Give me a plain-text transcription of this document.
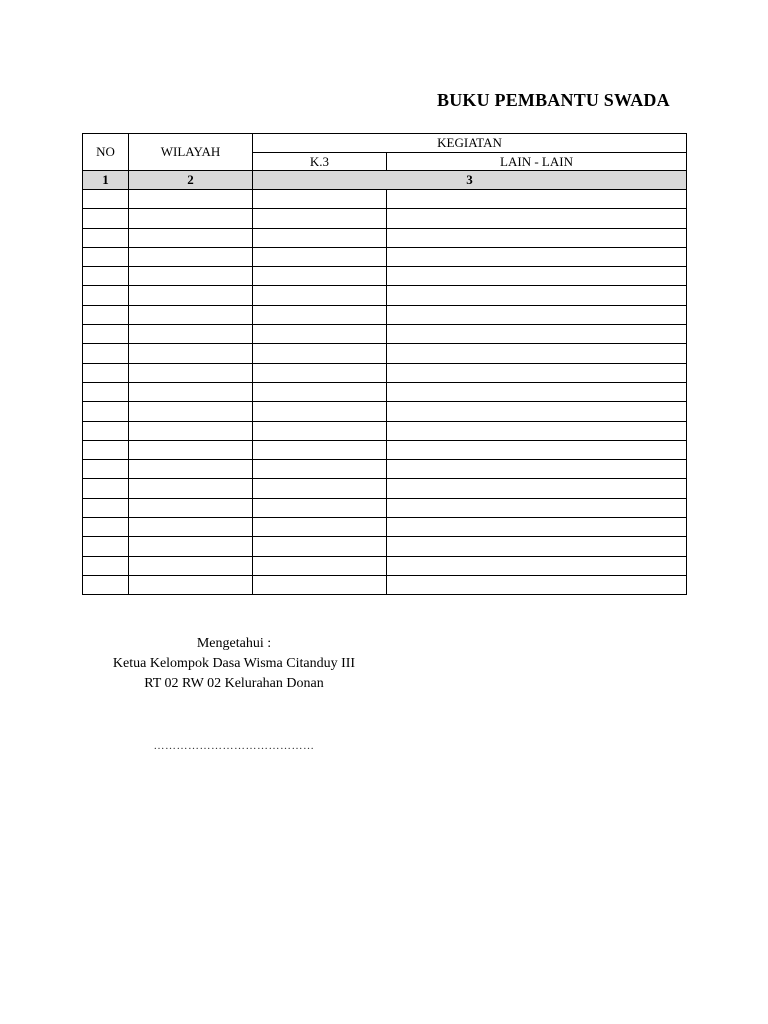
BUKU PEMBANTU SWADA
NO	WILAYAH	KEGIATAN	
		K.3	LAIN - LAIN
1	2	3	

Mengetahui :
Ketua Kelompok Dasa Wisma Citanduy III
RT 02 RW 02 Kelurahan Donan
……………………………………
